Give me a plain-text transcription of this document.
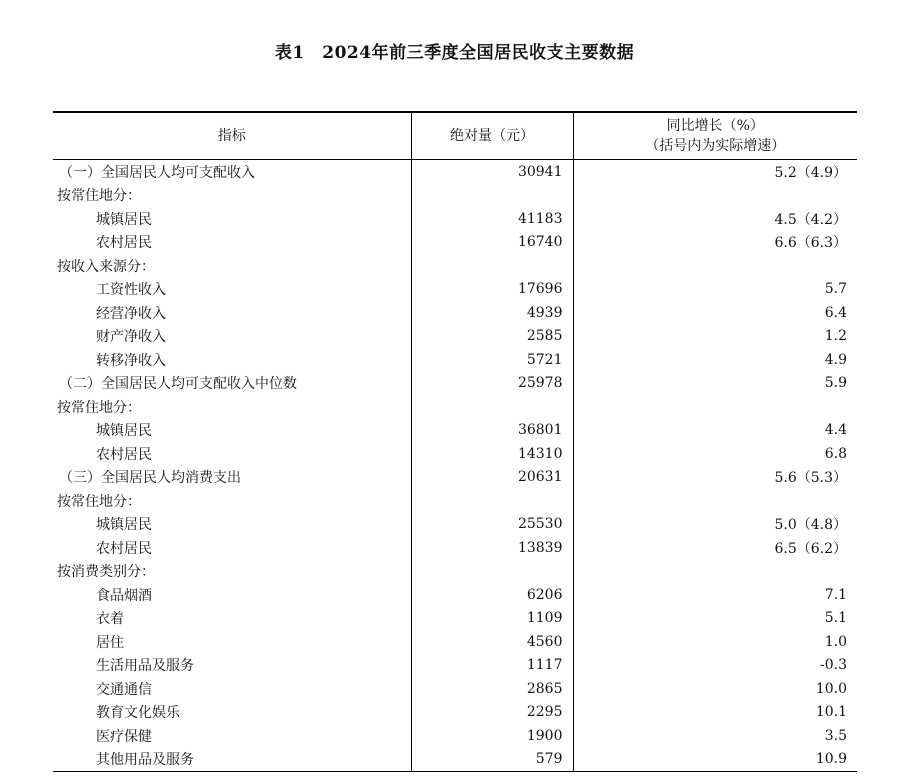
表1　2024年前三季度全国居民收支主要数据
指标	绝对量（元）	同比增长（%）
（括号内为实际增速）

（一）全国居民人均可支配收入	30941	5.2（4.9）
按常住地分：		
城镇居民	41183	4.5（4.2）
农村居民	16740	6.6（6.3）
按收入来源分：		
工资性收入	17696	5.7
经营净收入	4939	6.4
财产净收入	2585	1.2
转移净收入	5721	4.9
（二）全国居民人均可支配收入中位数	25978	5.9
按常住地分：		
城镇居民	36801	4.4
农村居民	14310	6.8
（三）全国居民人均消费支出	20631	5.6（5.3）
按常住地分：		
城镇居民	25530	5.0（4.8）
农村居民	13839	6.5（6.2）
按消费类别分：		
食品烟酒	6206	7.1
衣着	1109	5.1
居住	4560	1.0
生活用品及服务	1117	-0.3
交通通信	2865	10.0
教育文化娱乐	2295	10.1
医疗保健	1900	3.5
其他用品及服务	579	10.9
